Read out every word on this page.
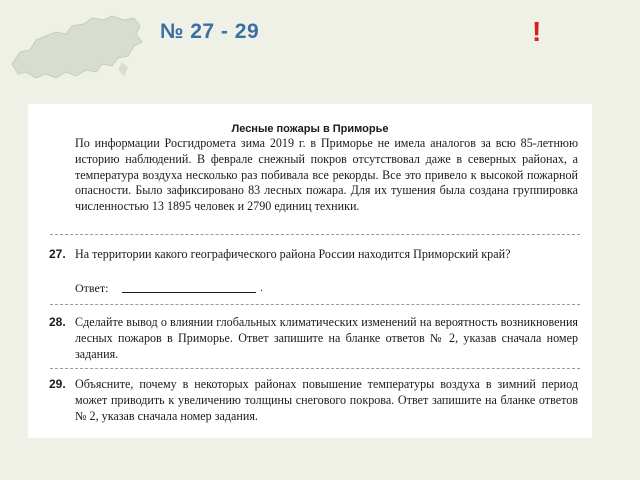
№ 27 - 29	!
Лесные пожары в Приморье

По информации Росгидромета зима 2019 г. в Приморье не имела аналогов за всю 85-летнюю историю наблюдений. В феврале снежный покров отсутствовал даже в северных районах, а температура воздуха несколько раз побивала все рекорды. Все это привело к высокой пожарной опасности. Было зафиксировано 83 лесных пожара. Для их тушения была создана группировка численностью 13 1895 человек и 2790 единиц техники.

27. На территории какого географического района России находится Приморский край?

Ответ:	.
28. Сделайте вывод о влиянии глобальных климатических изменений на вероятность возникновения лесных пожаров в Приморье. Ответ запишите на бланке ответов № 2, указав сначала номер задания.

29. Объясните, почему в некоторых районах повышение температуры воздуха в зимний период может приводить к увеличению толщины снегового покрова. Ответ запишите на бланке ответов № 2, указав сначала номер задания.
